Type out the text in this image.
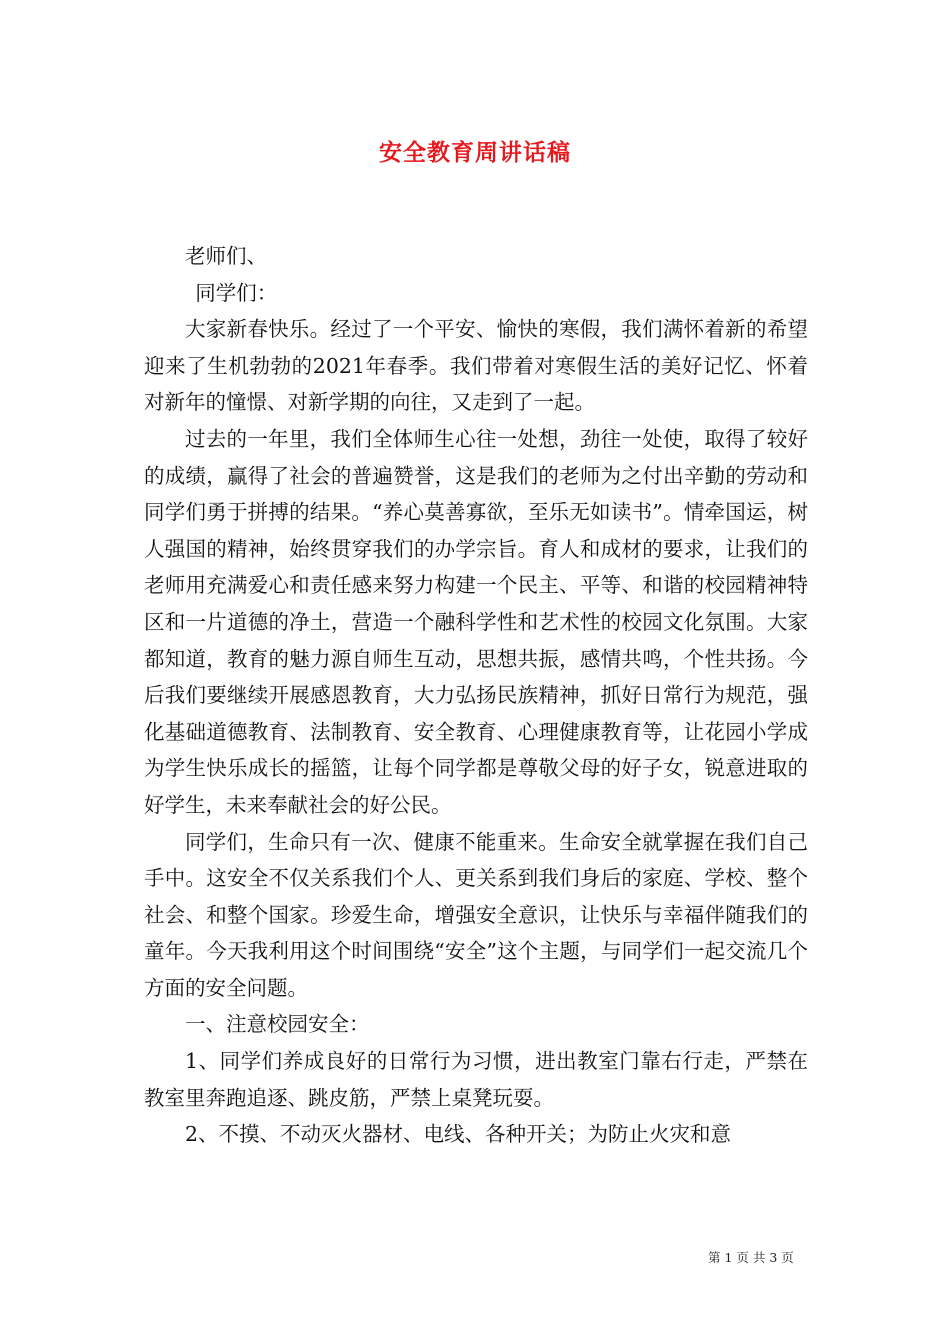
安全教育周讲话稿

老师们、

同学们：

大家新春快乐。经过了一个平安、愉快的寒假，我们满怀着新的希望迎来了生机勃勃的2021年春季。我们带着对寒假生活的美好记忆、怀着对新年的憧憬、对新学期的向往，又走到了一起。

过去的一年里，我们全体师生心往一处想，劲往一处使，取得了较好的成绩，赢得了社会的普遍赞誉，这是我们的老师为之付出辛勤的劳动和同学们勇于拼搏的结果。“养心莫善寡欲，至乐无如读书”。情牵国运，树人强国的精神，始终贯穿我们的办学宗旨。育人和成材的要求，让我们的老师用充满爱心和责任感来努力构建一个民主、平等、和谐的校园精神特区和一片道德的净土，营造一个融科学性和艺术性的校园文化氛围。大家都知道，教育的魅力源自师生互动，思想共振，感情共鸣，个性共扬。今后我们要继续开展感恩教育，大力弘扬民族精神，抓好日常行为规范，强化基础道德教育、法制教育、安全教育、心理健康教育等，让花园小学成为学生快乐成长的摇篮，让每个同学都是尊敬父母的好子女，锐意进取的好学生，未来奉献社会的好公民。

同学们，生命只有一次、健康不能重来。生命安全就掌握在我们自己手中。这安全不仅关系我们个人、更关系到我们身后的家庭、学校、整个社会、和整个国家。珍爱生命，增强安全意识，让快乐与幸福伴随我们的童年。今天我利用这个时间围绕“安全”这个主题，与同学们一起交流几个方面的安全问题。

一、注意校园安全：

1、同学们养成良好的日常行为习惯，进出教室门靠右行走，严禁在教室里奔跑追逐、跳皮筋，严禁上桌凳玩耍。

2、不摸、不动灭火器材、电线、各种开关；为防止火灾和意

第 1 页 共 3 页
